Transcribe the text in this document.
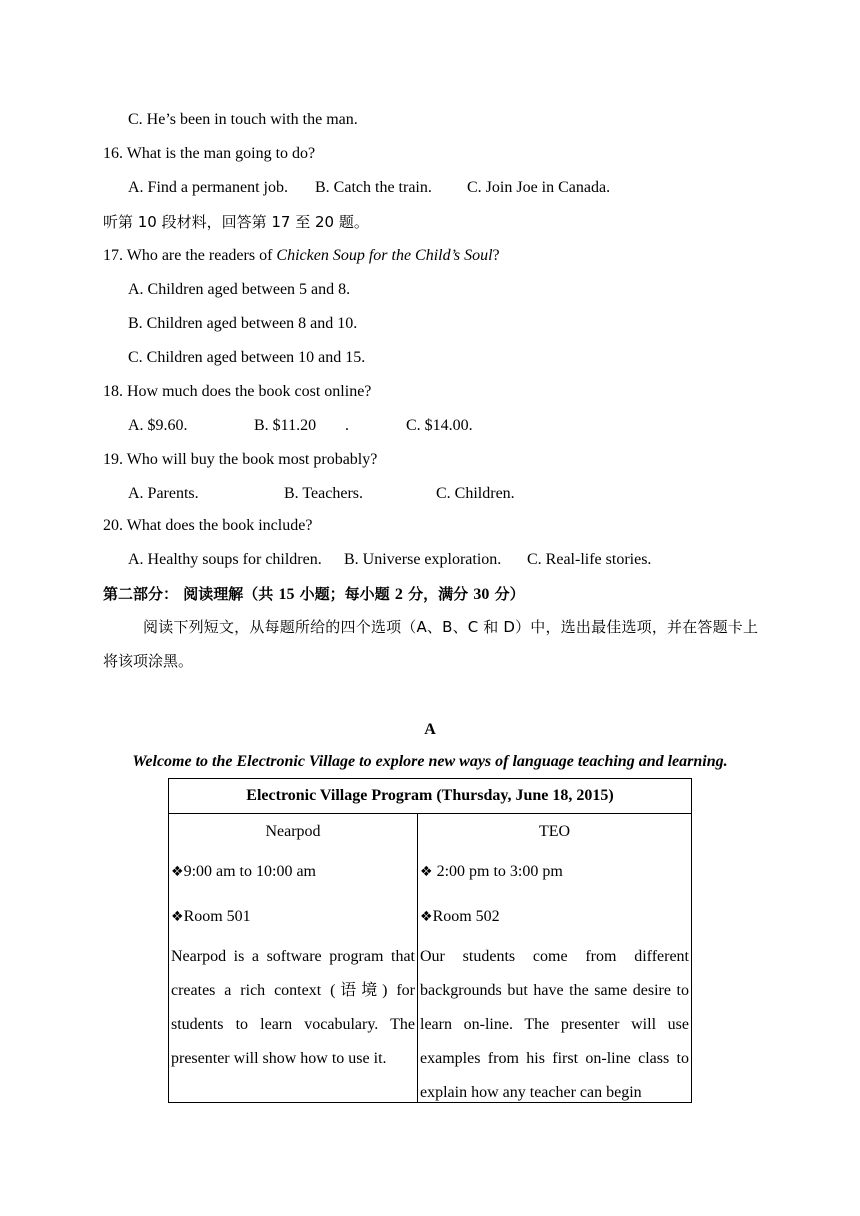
C. He’s been in touch with the man.
16. What is the man going to do?
A. Find a permanent job. B. Catch the train. C. Join Joe in Canada.
听第 10 段材料，回答第 17 至 20 题。
17. Who are the readers of Chicken Soup for the Child’s Soul?
A. Children aged between 5 and 8.
B. Children aged between 8 and 10.
C. Children aged between 10 and 15.
18. How much does the book cost online?
A. $9.60.	B. $11.20 .	C. $14.00.
19. Who will buy the book most probably?
A. Parents.	B. Teachers.	C. Children.
20. What does the book include?
A. Healthy soups for children. B. Universe exploration. C. Real-life stories.
第二部分： 阅读理解（共 15 小题；每小题 2 分，满分 30 分）
阅读下列短文，从每题所给的四个选项（A、B、C 和 D）中，选出最佳选项，并在答题卡上将该项涂黑。
A
Welcome to the Electronic Village to explore new ways of language teaching and learning.
Electronic Village Program (Thursday, June 18, 2015)

Nearpod
❖9:00 am to 10:00 am
❖Room 501
Nearpod is a software program that creates a rich context (语境) for students to learn vocabulary. The presenter will show how to use it.

TEO
❖ 2:00 pm to 3:00 pm
❖Room 502
Our students come from different backgrounds but have the same desire to learn on-line. The presenter will use examples from his first on-line class to explain how any teacher can begin
